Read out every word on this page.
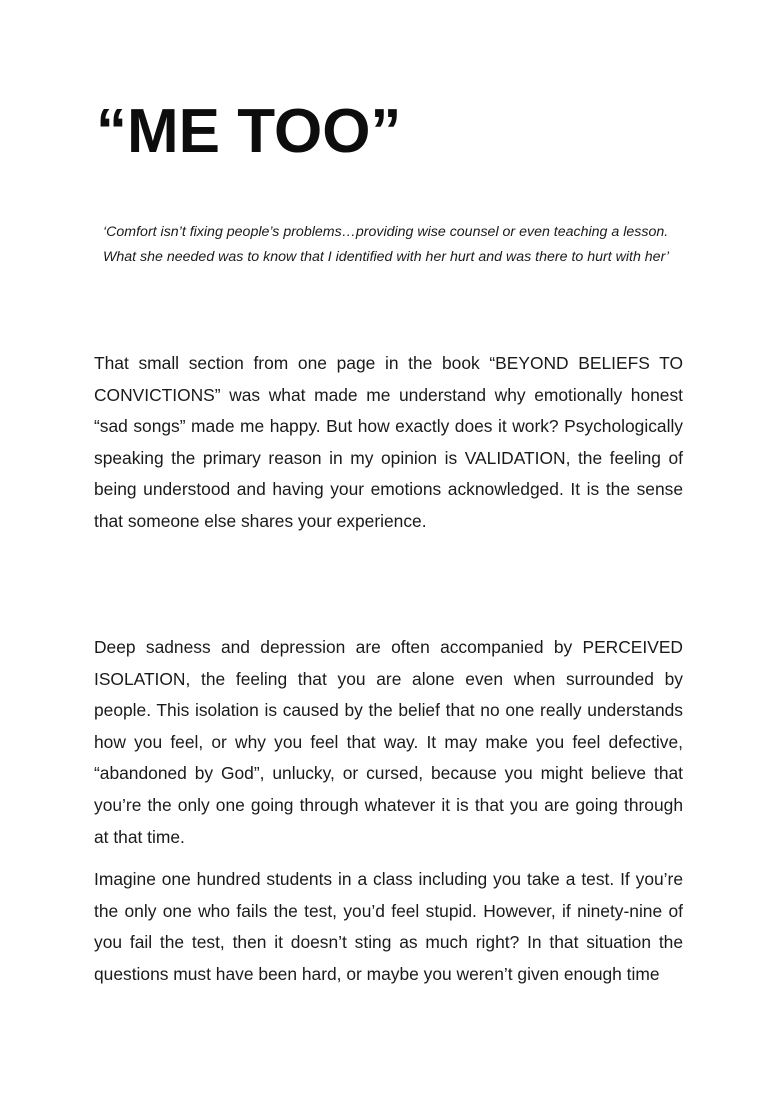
“ME TOO”

‘Comfort isn’t fixing people’s problems…providing wise counsel or even teaching a lesson.

What she needed was to know that I identified with her hurt and was there to hurt with her’

That small section from one page in the book “BEYOND BELIEFS TO CONVICTIONS” was what made me understand why emotionally honest “sad songs” made me happy. But how exactly does it work? Psychologically speaking the primary reason in my opinion is VALIDATION, the feeling of being understood and having your emotions acknowledged. It is the sense that someone else shares your experience.

Deep sadness and depression are often accompanied by PERCEIVED ISOLATION, the feeling that you are alone even when surrounded by people. This isolation is caused by the belief that no one really understands how you feel, or why you feel that way. It may make you feel defective, “abandoned by God”, unlucky, or cursed, because you might believe that you’re the only one going through whatever it is that you are going through at that time.

Imagine one hundred students in a class including you take a test. If you’re the only one who fails the test, you’d feel stupid. However, if ninety-nine of you fail the test, then it doesn’t sting as much right? In that situation the questions must have been hard, or maybe you weren’t given enough time
